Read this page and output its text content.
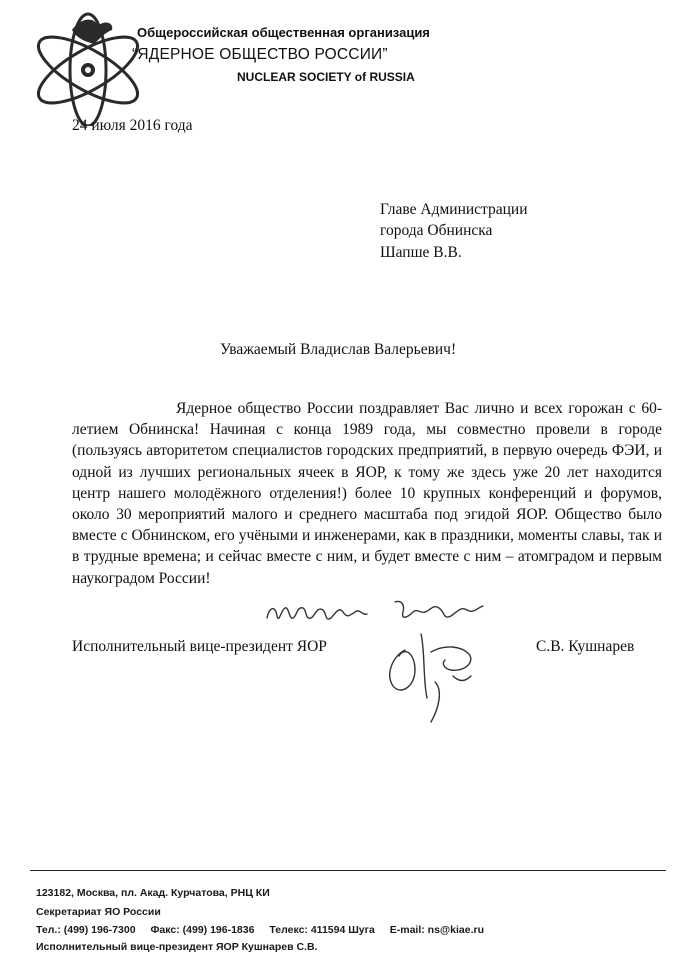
Общероссийская общественная организация
“ЯДЕРНОЕ ОБЩЕСТВО РОССИИ”
NUCLEAR SOCIETY of RUSSIA
24 июля 2016 года
Главе Администрации
города Обнинска
Шапше В.В.
Уважаемый Владислав Валерьевич!

Ядерное общество России поздравляет Вас лично и всех горожан с 60-летием Обнинска! Начиная с конца 1989 года, мы совместно провели в городе (пользуясь авторитетом специалистов городских предприятий, в первую очередь ФЭИ, и одной из лучших региональных ячеек в ЯОР, к тому же здесь уже 20 лет находится центр нашего молодёжного отделения!) более 10 крупных конференций и форумов, около 30 мероприятий малого и среднего масштаба под эгидой ЯОР. Общество было вместе с Обнинском, его учёными и инженерами, как в праздники, моменты славы, так и в трудные времена; и сейчас вместе с ним, и будет вместе с ним – атомградом и первым наукоградом России!

Исполнительный вице-президент ЯОР	С.В. Кушнарев
123182, Москва, пл. Акад. Курчатова, РНЦ КИ
Секретариат ЯО России
Тел.: (499) 196-7300 Факс: (499) 196-1836 Телекс: 411594 Шуга E-mail: ns@kiae.ru
Исполнительный вице-президент ЯОР Кушнарев С.В.
